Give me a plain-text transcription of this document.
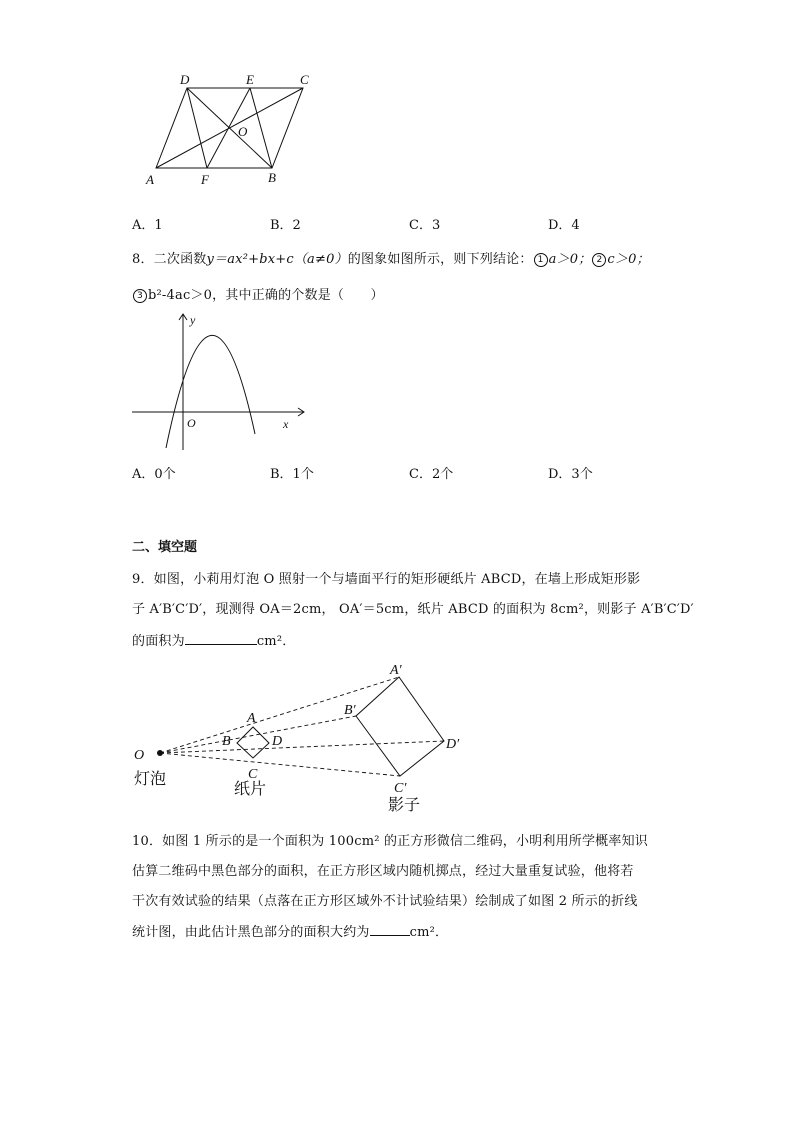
D	E	C
O
A	F	B
A．1	B．2	C．3	D．4
8．二次函数y＝ax²+bx+c（a≠0）的图象如图所示，则下列结论： 1 a＞0； 2 c＞0；
3 b²-4ac＞0，其中正确的个数是（　　）
y
x
O
A．0个	B．1个	C．2个	D．3个
二、填空题
9．如图，小莉用灯泡 O 照射一个与墙面平行的矩形硬纸片 ABCD，在墙上形成矩形影
子 A′B′C′D′，现测得 OA＝2cm， OA′＝5cm，纸片 ABCD 的面积为 8cm²，则影子 A′B′C′D′
的面积为	cm²．
O
A
B	D
C
A′
B′
D′
C′
灯泡
纸片
影子
10．如图 1 所示的是一个面积为 100cm² 的正方形微信二维码，小明利用所学概率知识
估算二维码中黑色部分的面积，在正方形区域内随机掷点，经过大量重复试验，他将若
干次有效试验的结果（点落在正方形区域外不计试验结果）绘制成了如图 2 所示的折线
统计图，由此估计黑色部分的面积大约为	cm²．
